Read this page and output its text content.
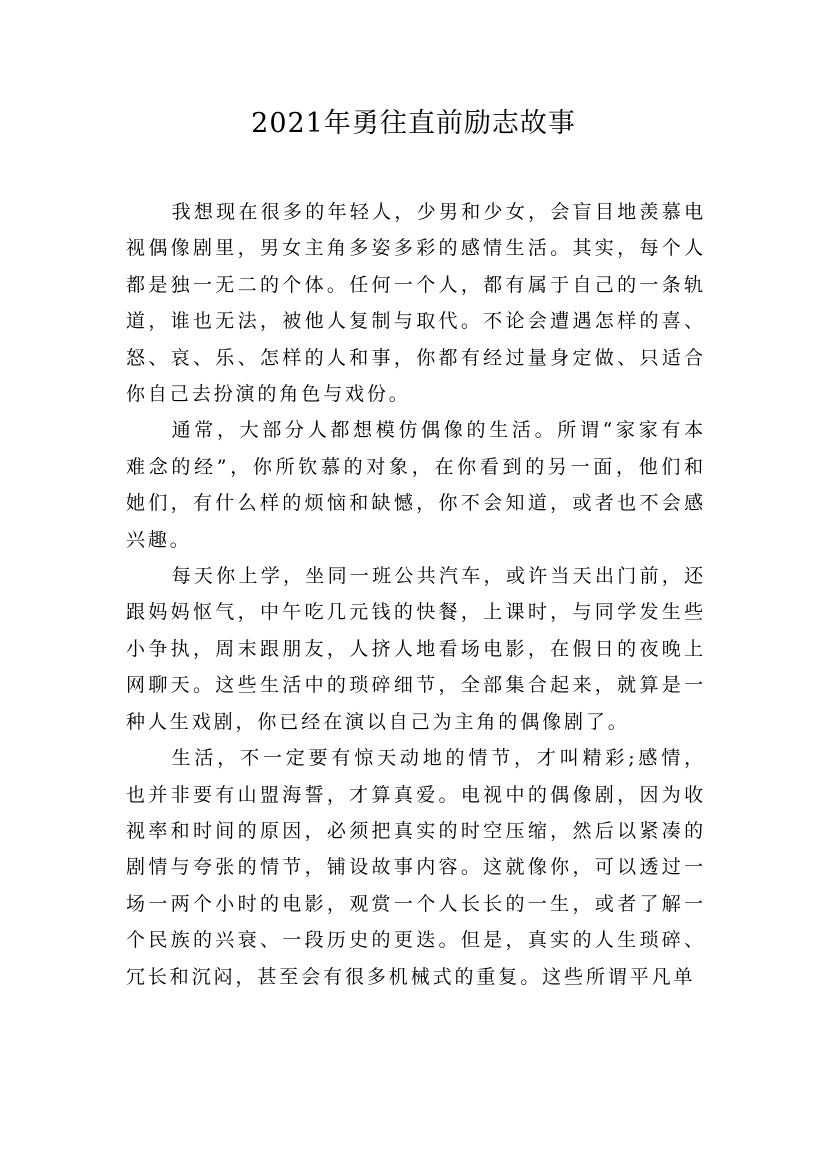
2021年勇往直前励志故事

我想现在很多的年轻人，少男和少女，会盲目地羡慕电视偶像剧里，男女主角多姿多彩的感情生活。其实，每个人都是独一无二的个体。任何一个人，都有属于自己的一条轨道，谁也无法，被他人复制与取代。不论会遭遇怎样的喜、怒、哀、乐、怎样的人和事，你都有经过量身定做、只适合你自己去扮演的角色与戏份。

通常，大部分人都想模仿偶像的生活。所谓“家家有本难念的经”，你所钦慕的对象，在你看到的另一面，他们和她们，有什么样的烦恼和缺憾，你不会知道，或者也不会感兴趣。

每天你上学，坐同一班公共汽车，或许当天出门前，还跟妈妈怄气，中午吃几元钱的快餐，上课时，与同学发生些小争执，周末跟朋友，人挤人地看场电影，在假日的夜晚上网聊天。这些生活中的琐碎细节，全部集合起来，就算是一种人生戏剧，你已经在演以自己为主角的偶像剧了。

生活，不一定要有惊天动地的情节，才叫精彩;感情，也并非要有山盟海誓，才算真爱。电视中的偶像剧，因为收视率和时间的原因，必须把真实的时空压缩，然后以紧凑的剧情与夸张的情节，铺设故事内容。这就像你，可以透过一场一两个小时的电影，观赏一个人长长的一生，或者了解一个民族的兴衰、一段历史的更迭。但是，真实的人生琐碎、冗长和沉闷，甚至会有很多机械式的重复。这些所谓平凡单
